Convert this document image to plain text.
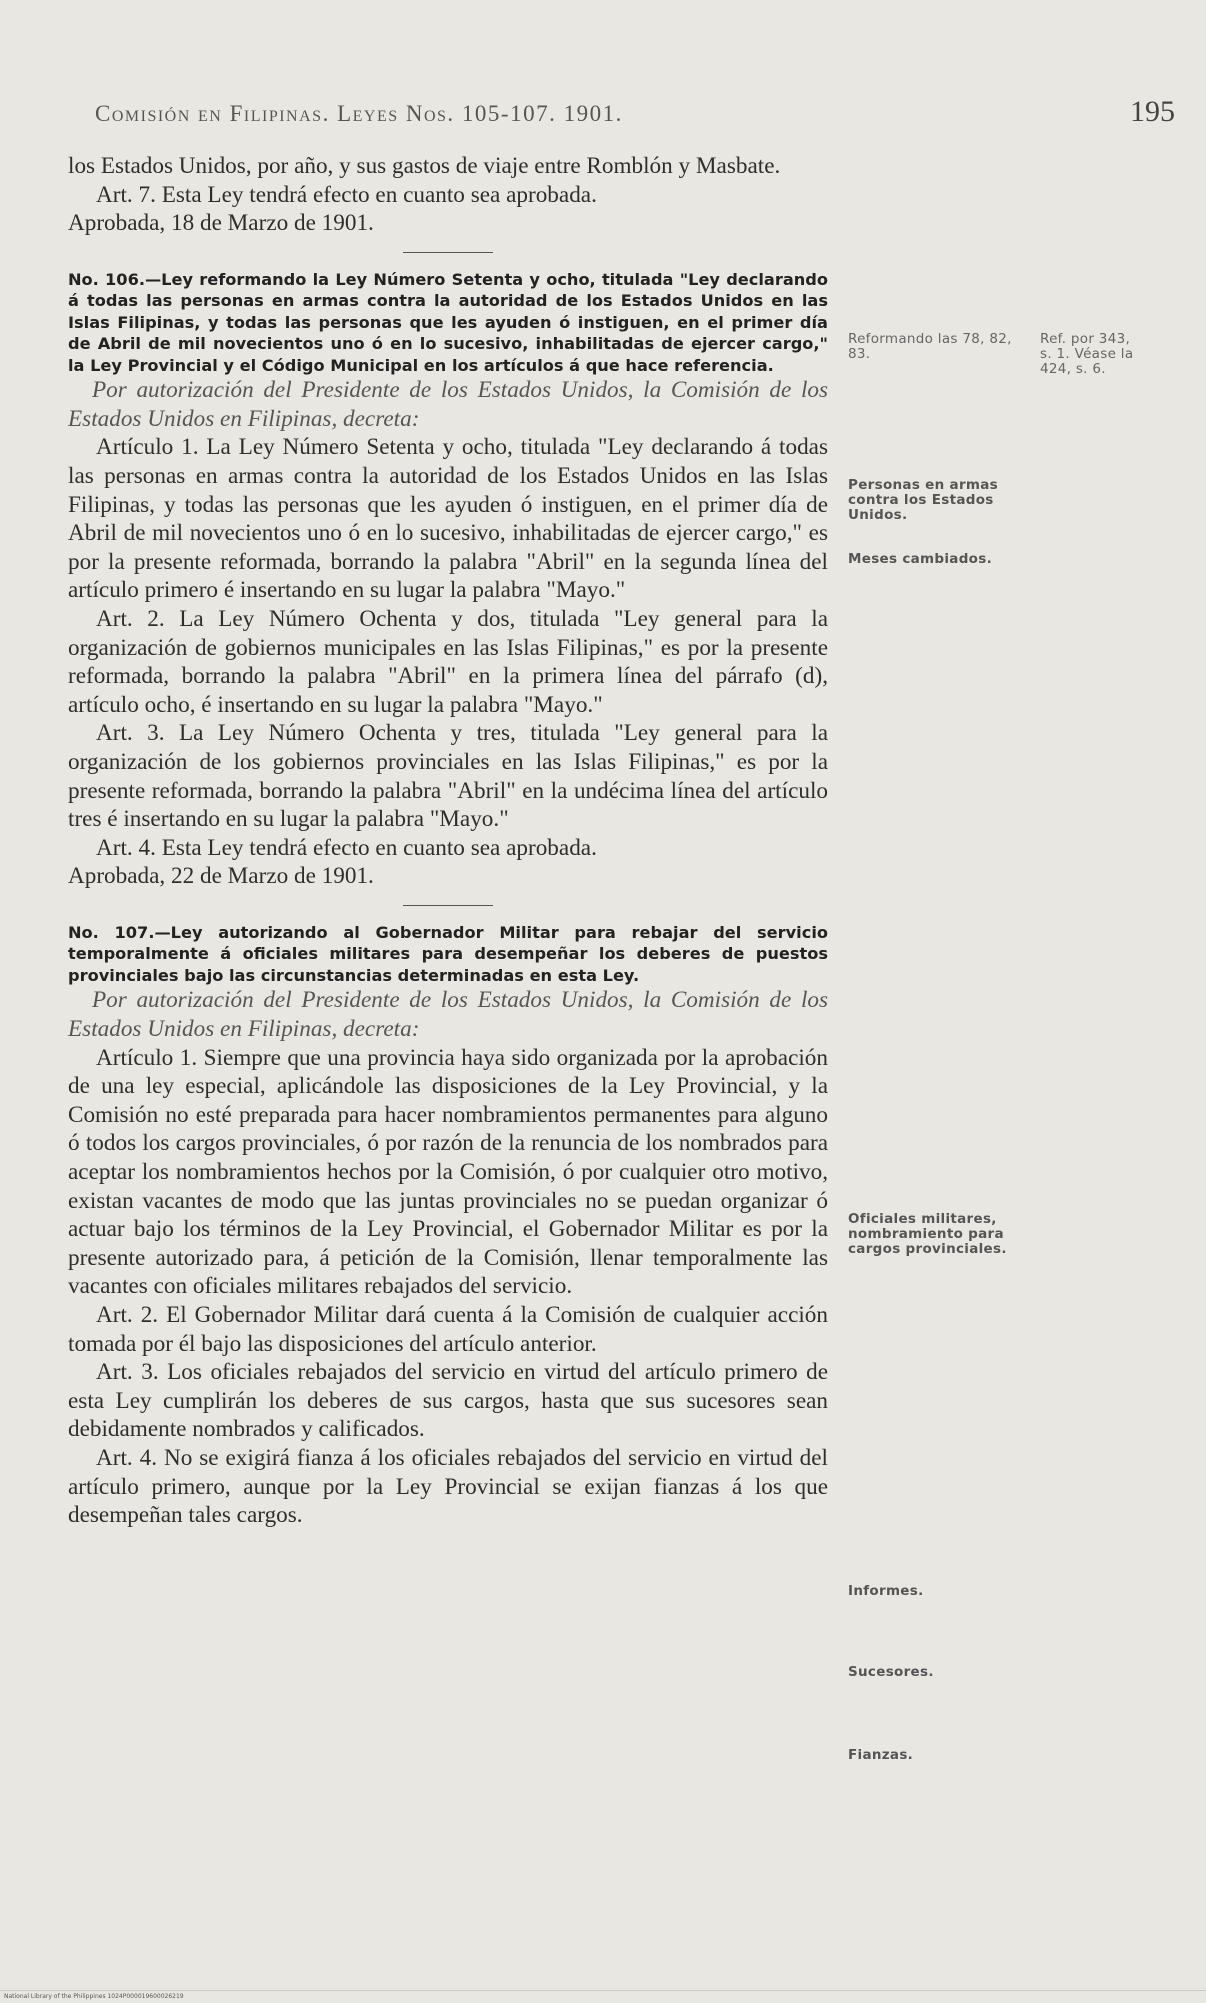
Comisión en Filipinas. Leyes Nos. 105-107. 1901.	195

los Estados Unidos, por año, y sus gastos de viaje entre Romblón y Masbate.

Art. 7. Esta Ley tendrá efecto en cuanto sea aprobada.

Aprobada, 18 de Marzo de 1901.

No. 106.—Ley reformando la Ley Número Setenta y ocho, titulada "Ley declarando á todas las personas en armas contra la autoridad de los Estados Unidos en las Islas Filipinas, y todas las personas que les ayuden ó instiguen, en el primer día de Abril de mil novecientos uno ó en lo sucesivo, inhabilitadas de ejercer cargo," la Ley Provincial y el Código Municipal en los artículos á que hace referencia.

Por autorización del Presidente de los Estados Unidos, la Comisión de los Estados Unidos en Filipinas, decreta:

Artículo 1. La Ley Número Setenta y ocho, titulada "Ley declarando á todas las personas en armas contra la autoridad de los Estados Unidos en las Islas Filipinas, y todas las personas que les ayuden ó instiguen, en el primer día de Abril de mil novecientos uno ó en lo sucesivo, inhabilitadas de ejercer cargo," es por la presente reformada, borrando la palabra "Abril" en la segunda línea del artículo primero é insertando en su lugar la palabra "Mayo."

Art. 2. La Ley Número Ochenta y dos, titulada "Ley general para la organización de gobiernos municipales en las Islas Filipinas," es por la presente reformada, borrando la palabra "Abril" en la primera línea del párrafo (d), artículo ocho, é insertando en su lugar la palabra "Mayo."

Art. 3. La Ley Número Ochenta y tres, titulada "Ley general para la organización de los gobiernos provinciales en las Islas Filipinas," es por la presente reformada, borrando la palabra "Abril" en la undécima línea del artículo tres é insertando en su lugar la palabra "Mayo."

Art. 4. Esta Ley tendrá efecto en cuanto sea aprobada.

Aprobada, 22 de Marzo de 1901.

No. 107.—Ley autorizando al Gobernador Militar para rebajar del servicio temporalmente á oficiales militares para desempeñar los deberes de puestos provinciales bajo las circunstancias determinadas en esta Ley.

Por autorización del Presidente de los Estados Unidos, la Comisión de los Estados Unidos en Filipinas, decreta:

Artículo 1. Siempre que una provincia haya sido organizada por la aprobación de una ley especial, aplicándole las disposiciones de la Ley Provincial, y la Comisión no esté preparada para hacer nombramientos permanentes para alguno ó todos los cargos provinciales, ó por razón de la renuncia de los nombrados para aceptar los nombramientos hechos por la Comisión, ó por cualquier otro motivo, existan vacantes de modo que las juntas provinciales no se puedan organizar ó actuar bajo los términos de la Ley Provincial, el Gobernador Militar es por la presente autorizado para, á petición de la Comisión, llenar temporalmente las vacantes con oficiales militares rebajados del servicio.

Art. 2. El Gobernador Militar dará cuenta á la Comisión de cualquier acción tomada por él bajo las disposiciones del artículo anterior.

Art. 3. Los oficiales rebajados del servicio en virtud del artículo primero de esta Ley cumplirán los deberes de sus cargos, hasta que sus sucesores sean debidamente nombrados y calificados.

Art. 4. No se exigirá fianza á los oficiales rebajados del servicio en virtud del artículo primero, aunque por la Ley Provincial se exijan fianzas á los que desempeñan tales cargos.

Reformando las 78, 82, 83.
Ref. por 343, s. 1. Véase la 424, s. 6.
Personas en armas contra los Estados Unidos.
Meses cambiados.
Oficiales militares, nombramiento para cargos provinciales.
Informes.
Sucesores.
Fianzas.
National Library of the Philippines 1024P000019600026219
